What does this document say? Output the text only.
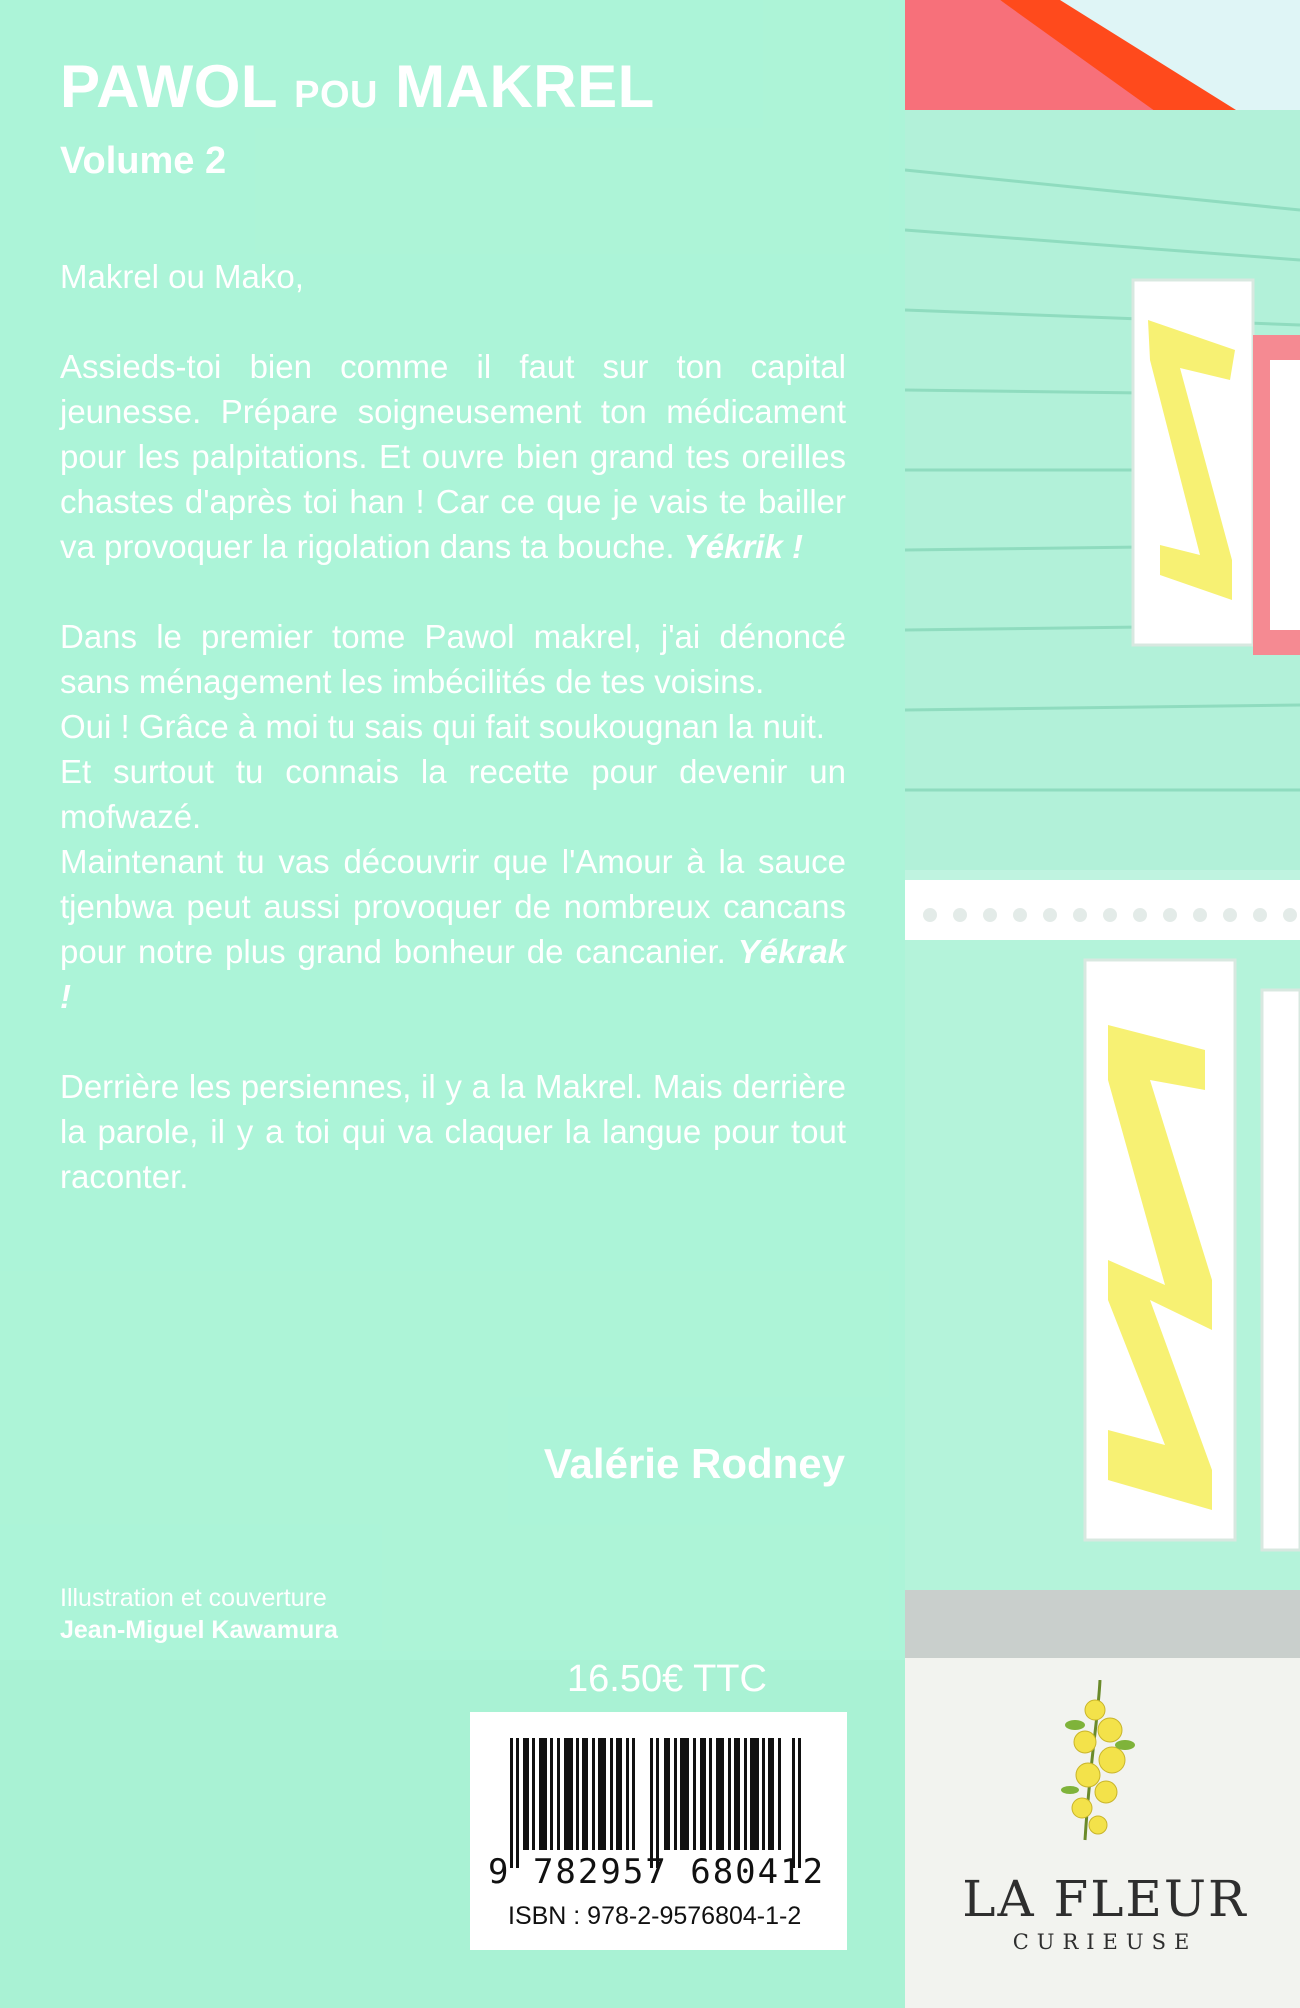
PAWOL POU MAKREL
Volume 2

Makrel ou Mako,

Assieds-toi bien comme il faut sur ton capital jeunesse. Prépare soigneusement ton médicament pour les palpitations. Et ouvre bien grand tes oreilles chastes d'après toi han ! Car ce que je vais te bailler va provoquer la rigolation dans ta bouche. Yékrik !

Dans le premier tome Pawol makrel, j'ai dénoncé sans ménagement les imbécilités de tes voisins.

Oui ! Grâce à moi tu sais qui fait soukougnan la nuit.

Et surtout tu connais la recette pour devenir un mofwazé.

Maintenant tu vas découvrir que l'Amour à la sauce tjenbwa peut aussi provoquer de nombreux cancans pour notre plus grand bonheur de cancanier. Yékrak !

Derrière les persiennes, il y a la Makrel. Mais derrière la parole, il y a toi qui va claquer la langue pour tout raconter.

Valérie Rodney
Illustration et couverture
Jean-Miguel Kawamura
16.50€ TTC
9 782957 680412
ISBN : 978-2-9576804-1-2	LA FLEUR
CURIEUSE
